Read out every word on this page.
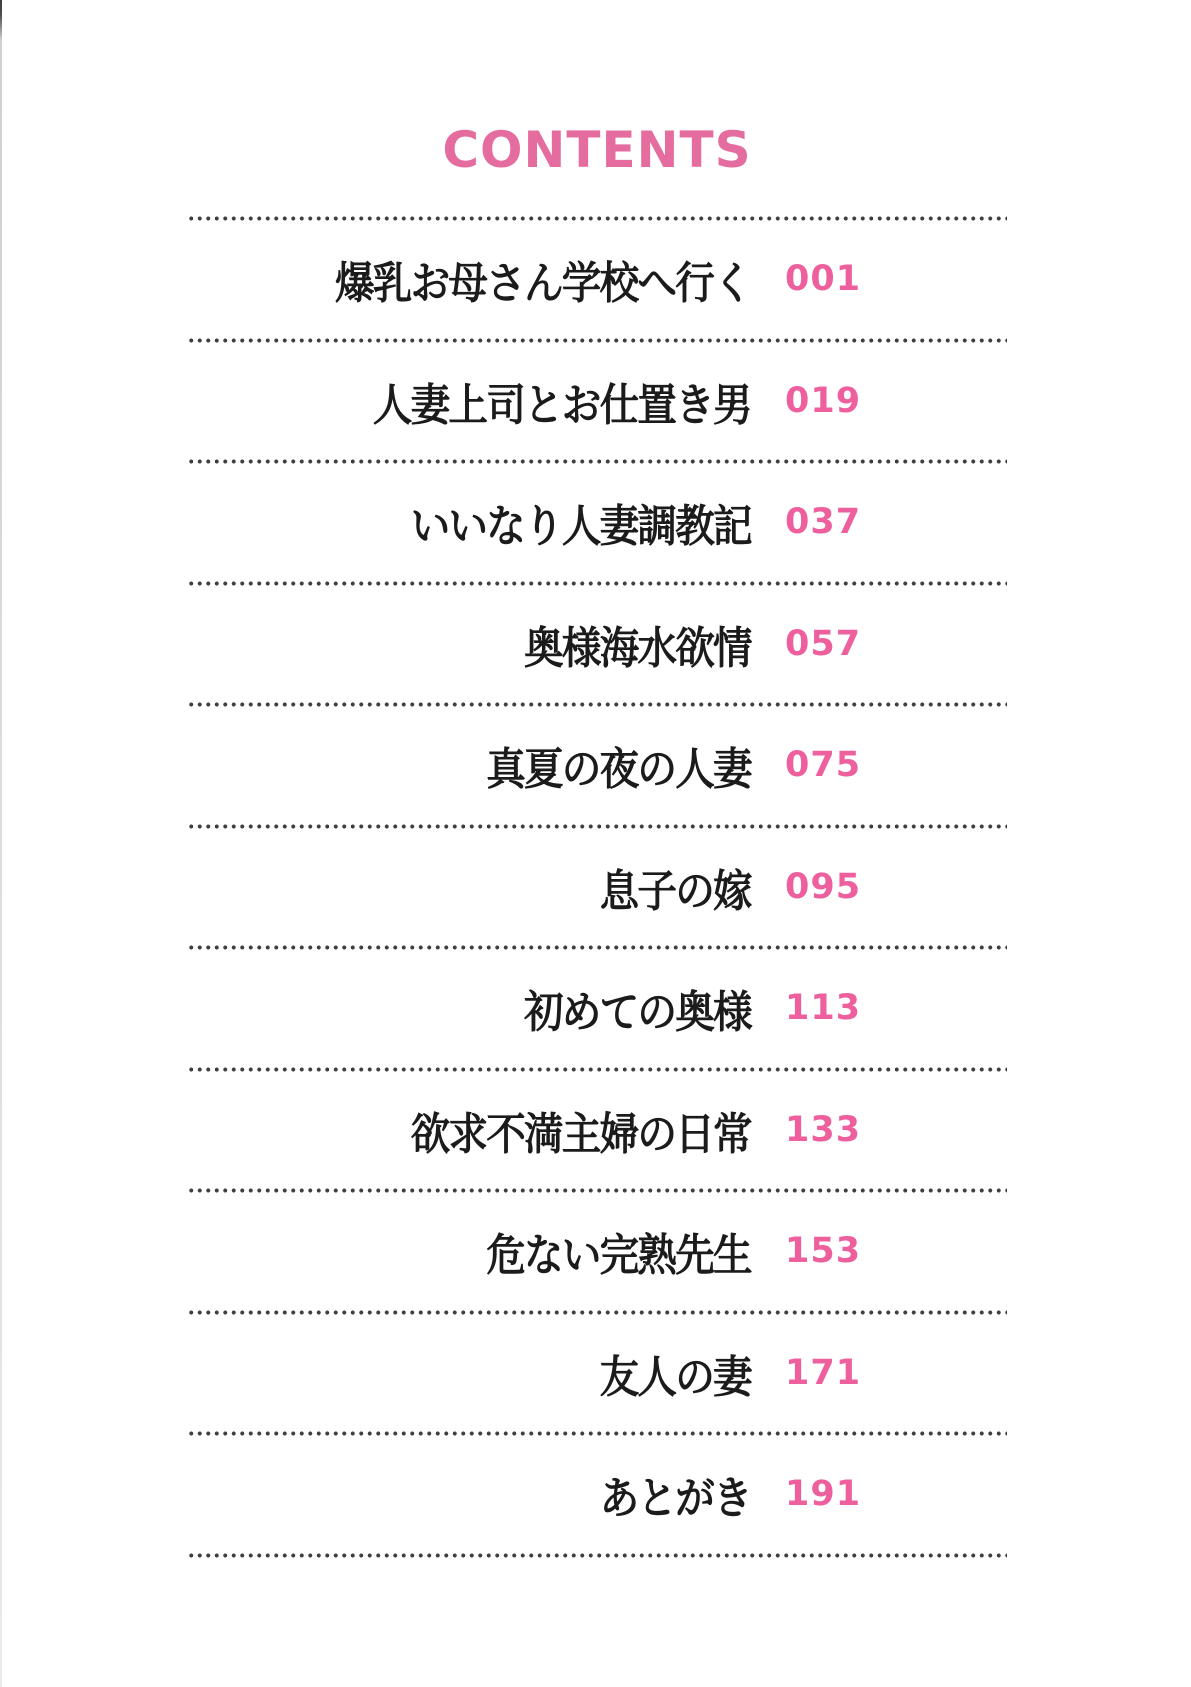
CONTENTS
爆乳お母さん学校へ行く 001
人妻上司とお仕置き男 019
いいなり人妻調教記 037
奥様海水欲情 057
真夏の夜の人妻 075
息子の嫁 095
初めての奥様 113
欲求不満主婦の日常 133
危ない完熟先生 153
友人の妻 171
あとがき 191
